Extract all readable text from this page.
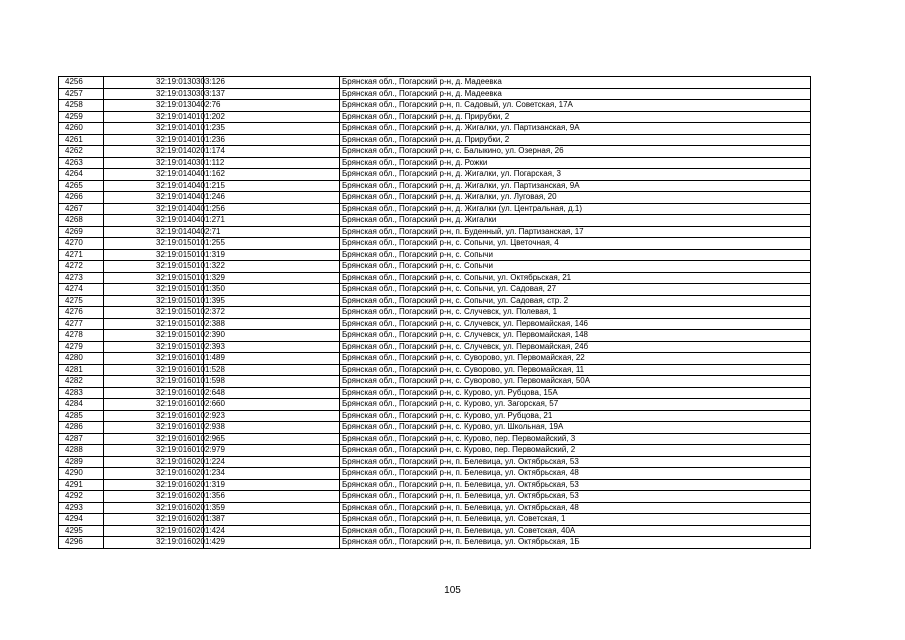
4256	32:19:0130303:126		Брянская обл., Погарский р-н, д. Мадеевка
4257	32:19:0130303:137		Брянская обл., Погарский р-н, д. Мадеевка
4258	32:19:0130402:76		Брянская обл., Погарский р-н, п. Садовый, ул. Советская, 17А
4259	32:19:0140101:202		Брянская обл., Погарский р-н, д. Прирубки, 2
4260	32:19:0140101:235		Брянская обл., Погарский р-н, д. Жигалки, ул. Партизанская, 9А
4261	32:19:0140101:236		Брянская обл., Погарский р-н, д. Прирубки, 2
4262	32:19:0140201:174		Брянская обл., Погарский р-н, с. Балыкино, ул. Озерная, 26
4263	32:19:0140301:112		Брянская обл., Погарский р-н, д. Рожки
4264	32:19:0140401:162		Брянская обл., Погарский р-н, д. Жигалки, ул. Погарская, 3
4265	32:19:0140401:215		Брянская обл., Погарский р-н, д. Жигалки, ул. Партизанская, 9А
4266	32:19:0140401:246		Брянская обл., Погарский р-н, д. Жигалки, ул. Луговая, 20
4267	32:19:0140401:256		Брянская обл., Погарский р-н, д. Жигалки (ул. Центральная, д.1)
4268	32:19:0140401:271		Брянская обл., Погарский р-н, д. Жигалки
4269	32:19:0140402:71		Брянская обл., Погарский р-н, п. Буденный, ул. Партизанская, 17
4270	32:19:0150101:255		Брянская обл., Погарский р-н, с. Сопычи, ул. Цветочная, 4
4271	32:19:0150101:319		Брянская обл., Погарский р-н, с. Сопычи
4272	32:19:0150101:322		Брянская обл., Погарский р-н, с. Сопычи
4273	32:19:0150101:329		Брянская обл., Погарский р-н, с. Сопычи, ул. Октябрьская, 21
4274	32:19:0150101:350		Брянская обл., Погарский р-н, с. Сопычи, ул. Садовая, 27
4275	32:19:0150101:395		Брянская обл., Погарский р-н, с. Сопычи, ул. Садовая, стр. 2
4276	32:19:0150102:372		Брянская обл., Погарский р-н, с. Случевск, ул. Полевая, 1
4277	32:19:0150102:388		Брянская обл., Погарский р-н, с. Случевск, ул. Первомайская, 146
4278	32:19:0150102:390		Брянская обл., Погарский р-н, с. Случевск, ул. Первомайская, 148
4279	32:19:0150102:393		Брянская обл., Погарский р-н, с. Случевск, ул. Первомайская, 24б
4280	32:19:0160101:489		Брянская обл., Погарский р-н, с. Суворово, ул. Первомайская, 22
4281	32:19:0160101:528		Брянская обл., Погарский р-н, с. Суворово, ул. Первомайская, 11
4282	32:19:0160101:598		Брянская обл., Погарский р-н, с. Суворово, ул. Первомайская, 50А
4283	32:19:0160102:648		Брянская обл., Погарский р-н, с. Курово, ул. Рубцова, 15А
4284	32:19:0160102:660		Брянская обл., Погарский р-н, с. Курово, ул. Загорская, 57
4285	32:19:0160102:923		Брянская обл., Погарский р-н, с. Курово, ул. Рубцова, 21
4286	32:19:0160102:938		Брянская обл., Погарский р-н, с. Курово, ул. Школьная, 19А
4287	32:19:0160102:965		Брянская обл., Погарский р-н, с. Курово, пер. Первомайский, 3
4288	32:19:0160102:979		Брянская обл., Погарский р-н, с. Курово, пер. Первомайский, 2
4289	32:19:0160201:224		Брянская обл., Погарский р-н, п. Белевица, ул. Октябрьская, 53
4290	32:19:0160201:234		Брянская обл., Погарский р-н, п. Белевица, ул. Октябрьская, 48
4291	32:19:0160201:319		Брянская обл., Погарский р-н, п. Белевица, ул. Октябрьская, 53
4292	32:19:0160201:356		Брянская обл., Погарский р-н, п. Белевица, ул. Октябрьская, 53
4293	32:19:0160201:359		Брянская обл., Погарский р-н, п. Белевица, ул. Октябрьская, 48
4294	32:19:0160201:387		Брянская обл., Погарский р-н, п. Белевица, ул. Советская, 1
4295	32:19:0160201:424		Брянская обл., Погарский р-н, п. Белевица, ул. Советская, 40А
4296	32:19:0160201:429		Брянская обл., Погарский р-н, п. Белевица, ул. Октябрьская, 1Б
105
